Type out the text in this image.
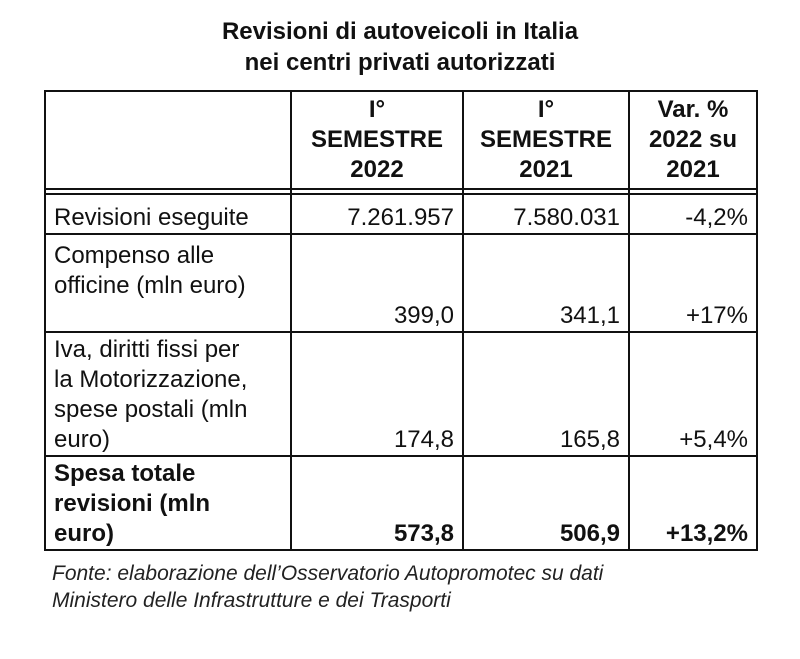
Revisioni di autoveicoli in Italia
nei centri privati autorizzati

	I°
SEMESTRE
2022	I°
SEMESTRE
2021	Var. %
2022 su
2021

Revisioni eseguite	7.261.957	7.580.031	-4,2%

Compenso alle
officine (mln euro)	399,0	341,1	+17%

Iva, diritti fissi per
la Motorizzazione,
spese postali (mln
euro)	174,8	165,8	+5,4%

Spesa totale
revisioni (mln
euro)	573,8	506,9	+13,2%
Fonte: elaborazione dell’Osservatorio Autopromotec su dati
Ministero delle Infrastrutture e dei Trasporti
